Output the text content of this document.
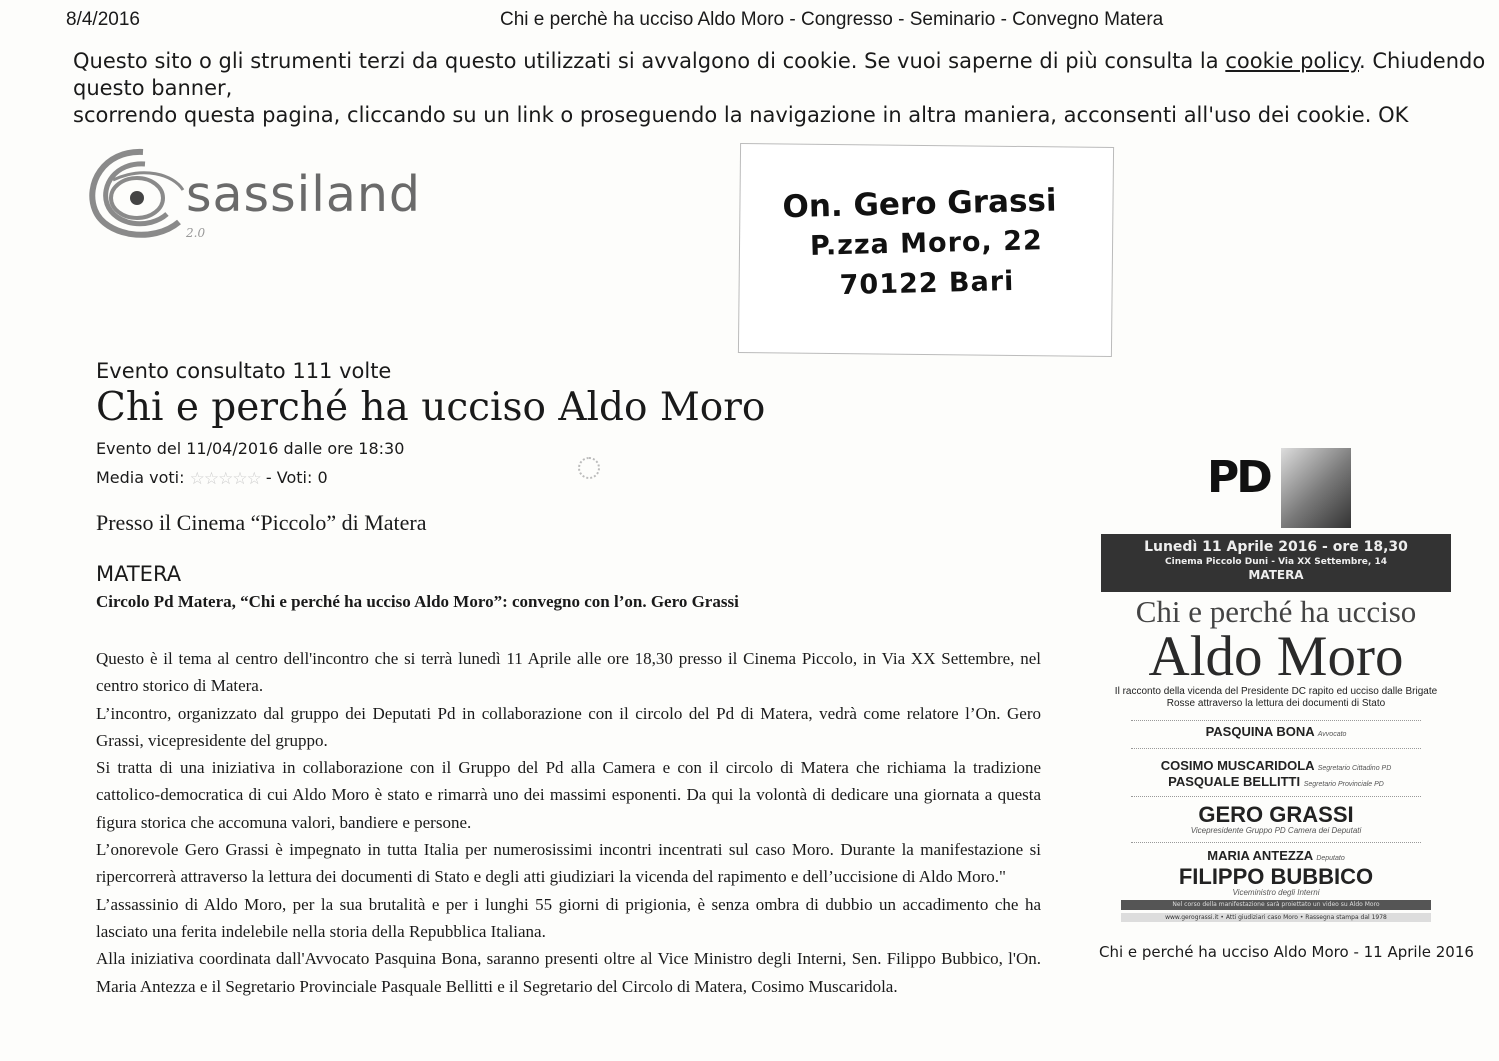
8/4/2016	Chi e perchè ha ucciso Aldo Moro - Congresso - Seminario - Convegno Matera
Questo sito o gli strumenti terzi da questo utilizzati si avvalgono di cookie. Se vuoi saperne di più consulta la cookie policy. Chiudendo questo banner,
scorrendo questa pagina, cliccando su un link o proseguendo la navigazione in altra maniera, acconsenti all'uso dei cookie. OK
sassiland
2.0
On. Gero Grassi
P.zza Moro, 22
70122 Bari
Evento consultato 111 volte
Chi e perché ha ucciso Aldo Moro
Evento del 11/04/2016 dalle ore 18:30
Media voti: ☆☆☆☆☆ - Voti: 0
Presso il Cinema “Piccolo” di Matera
MATERA
Circolo Pd Matera, “Chi e perché ha ucciso Aldo Moro”: convegno con l’on. Gero Grassi

Questo è il tema al centro dell'incontro che si terrà lunedì 11 Aprile alle ore 18,30 presso il Cinema Piccolo, in Via XX Settembre, nel centro storico di Matera.

L’incontro, organizzato dal gruppo dei Deputati Pd in collaborazione con il circolo del Pd di Matera, vedrà come relatore l’On. Gero Grassi, vicepresidente del gruppo.

Si tratta di una iniziativa in collaborazione con il Gruppo del Pd alla Camera e con il circolo di Matera che richiama la tradizione cattolico-democratica di cui Aldo Moro è stato e rimarrà uno dei massimi esponenti. Da qui la volontà di dedicare una giornata a questa figura storica che accomuna valori, bandiere e persone.

L’onorevole Gero Grassi è impegnato in tutta Italia per numerosissimi incontri incentrati sul caso Moro. Durante la manifestazione si ripercorrerà attraverso la lettura dei documenti di Stato e degli atti giudiziari la vicenda del rapimento e dell’uccisione di Aldo Moro."

L’assassinio di Aldo Moro, per la sua brutalità e per i lunghi 55 giorni di prigionia, è senza ombra di dubbio un accadimento che ha lasciato una ferita indelebile nella storia della Repubblica Italiana.

Alla iniziativa coordinata dall'Avvocato Pasquina Bona, saranno presenti oltre al Vice Ministro degli Interni, Sen. Filippo Bubbico, l'On. Maria Antezza e il Segretario Provinciale Pasquale Bellitti e il Segretario del Circolo di Matera, Cosimo Muscaridola.

PD
Lunedì 11 Aprile 2016 - ore 18,30
Cinema Piccolo Duni - Via XX Settembre, 14
MATERA
Chi e perché ha ucciso
Aldo Moro
Il racconto della vicenda del Presidente DC rapito ed ucciso dalle Brigate Rosse attraverso la lettura dei documenti di Stato
PASQUINA BONA Avvocato
COSIMO MUSCARIDOLA Segretario Cittadino PD
PASQUALE BELLITTI Segretario Provinciale PD
GERO GRASSI
Vicepresidente Gruppo PD Camera dei Deputati
MARIA ANTEZZA Deputato
FILIPPO BUBBICO
Viceministro degli Interni
Nel corso della manifestazione sarà proiettato un video su Aldo Moro
www.gerograssi.it • Atti giudiziari caso Moro • Rassegna stampa dal 1978
Chi e perché ha ucciso Aldo Moro - 11 Aprile 2016
